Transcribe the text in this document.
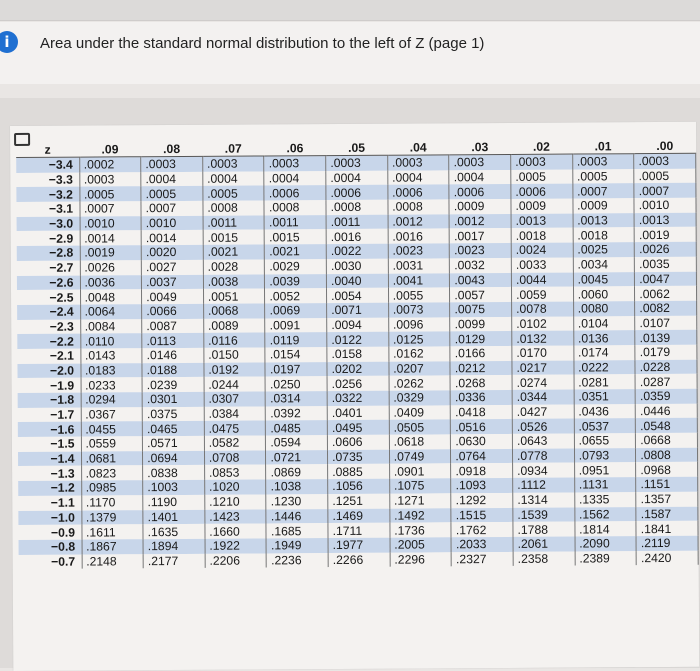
i	Area under the standard normal distribution to the left of Z (page 1)
z	.09	.08	.07	.06	.05	.04	.03	.02	.01	.00
−3.4	.0002	.0003	.0003	.0003	.0003	.0003	.0003	.0003	.0003	.0003
−3.3	.0003	.0004	.0004	.0004	.0004	.0004	.0004	.0005	.0005	.0005
−3.2	.0005	.0005	.0005	.0006	.0006	.0006	.0006	.0006	.0007	.0007
−3.1	.0007	.0007	.0008	.0008	.0008	.0008	.0009	.0009	.0009	.0010
−3.0	.0010	.0010	.0011	.0011	.0011	.0012	.0012	.0013	.0013	.0013
−2.9	.0014	.0014	.0015	.0015	.0016	.0016	.0017	.0018	.0018	.0019
−2.8	.0019	.0020	.0021	.0021	.0022	.0023	.0023	.0024	.0025	.0026
−2.7	.0026	.0027	.0028	.0029	.0030	.0031	.0032	.0033	.0034	.0035
−2.6	.0036	.0037	.0038	.0039	.0040	.0041	.0043	.0044	.0045	.0047
−2.5	.0048	.0049	.0051	.0052	.0054	.0055	.0057	.0059	.0060	.0062
−2.4	.0064	.0066	.0068	.0069	.0071	.0073	.0075	.0078	.0080	.0082
−2.3	.0084	.0087	.0089	.0091	.0094	.0096	.0099	.0102	.0104	.0107
−2.2	.0110	.0113	.0116	.0119	.0122	.0125	.0129	.0132	.0136	.0139
−2.1	.0143	.0146	.0150	.0154	.0158	.0162	.0166	.0170	.0174	.0179
−2.0	.0183	.0188	.0192	.0197	.0202	.0207	.0212	.0217	.0222	.0228
−1.9	.0233	.0239	.0244	.0250	.0256	.0262	.0268	.0274	.0281	.0287
−1.8	.0294	.0301	.0307	.0314	.0322	.0329	.0336	.0344	.0351	.0359
−1.7	.0367	.0375	.0384	.0392	.0401	.0409	.0418	.0427	.0436	.0446
−1.6	.0455	.0465	.0475	.0485	.0495	.0505	.0516	.0526	.0537	.0548
−1.5	.0559	.0571	.0582	.0594	.0606	.0618	.0630	.0643	.0655	.0668
−1.4	.0681	.0694	.0708	.0721	.0735	.0749	.0764	.0778	.0793	.0808
−1.3	.0823	.0838	.0853	.0869	.0885	.0901	.0918	.0934	.0951	.0968
−1.2	.0985	.1003	.1020	.1038	.1056	.1075	.1093	.1112	.1131	.1151
−1.1	.1170	.1190	.1210	.1230	.1251	.1271	.1292	.1314	.1335	.1357
−1.0	.1379	.1401	.1423	.1446	.1469	.1492	.1515	.1539	.1562	.1587
−0.9	.1611	.1635	.1660	.1685	.1711	.1736	.1762	.1788	.1814	.1841
−0.8	.1867	.1894	.1922	.1949	.1977	.2005	.2033	.2061	.2090	.2119
−0.7	.2148	.2177	.2206	.2236	.2266	.2296	.2327	.2358	.2389	.2420
